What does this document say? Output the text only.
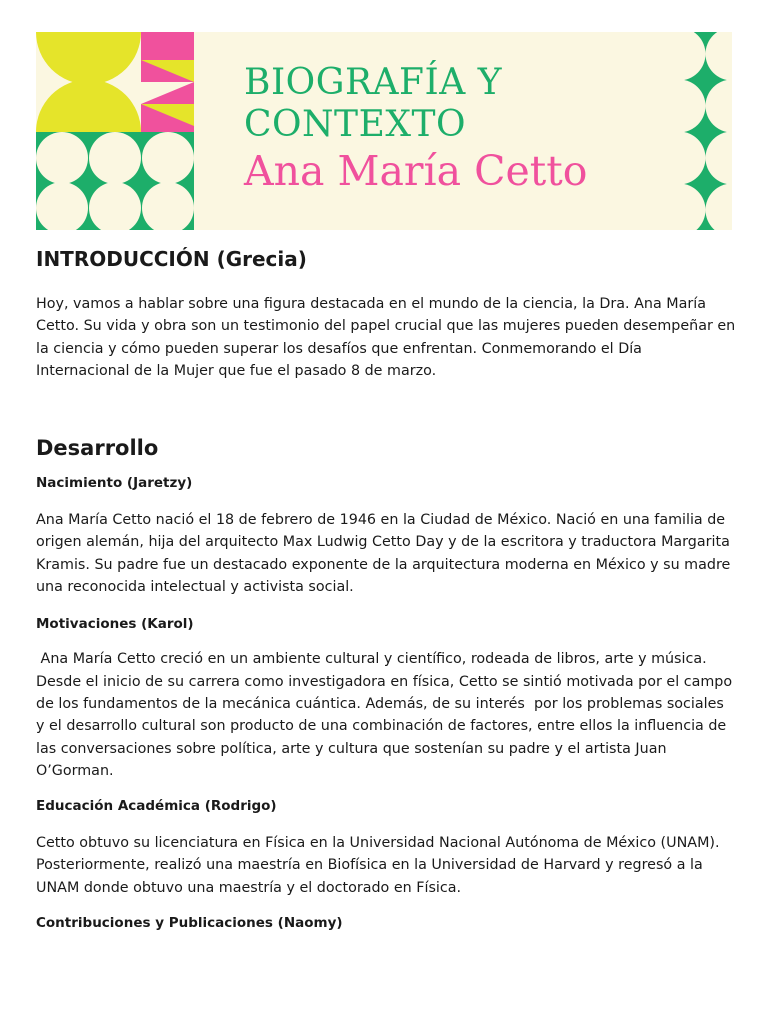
BIOGRAFÍA Y
CONTEXTO
Ana María Cetto
INTRODUCCIÓN (Grecia)

Hoy, vamos a hablar sobre una figura destacada en el mundo de la ciencia, la Dra. Ana María Cetto. Su vida y obra son un testimonio del papel crucial que las mujeres pueden desempeñar en la ciencia y cómo pueden superar los desafíos que enfrentan. Conmemorando el Día Internacional de la Mujer que fue el pasado 8 de marzo.

Desarrollo
Nacimiento (Jaretzy)

Ana María Cetto nació el 18 de febrero de 1946 en la Ciudad de México. Nació en una familia de origen alemán, hija del arquitecto Max Ludwig Cetto Day y de la escritora y traductora Margarita Kramis. Su padre fue un destacado exponente de la arquitectura moderna en México y su madre una reconocida intelectual y activista social.

Motivaciones (Karol)

Ana María Cetto creció en un ambiente cultural y científico, rodeada de libros, arte y música. Desde el inicio de su carrera como investigadora en física, Cetto se sintió motivada por el campo de los fundamentos de la mecánica cuántica. Además, de su interés  por los problemas sociales y el desarrollo cultural son producto de una combinación de factores, entre ellos la influencia de las conversaciones sobre política, arte y cultura que sostenían su padre y el artista Juan O’Gorman.

Educación Académica (Rodrigo)

Cetto obtuvo su licenciatura en Física en la Universidad Nacional Autónoma de México (UNAM). Posteriormente, realizó una maestría en Biofísica en la Universidad de Harvard y regresó a la UNAM donde obtuvo una maestría y el doctorado en Física.

Contribuciones y Publicaciones (Naomy)
